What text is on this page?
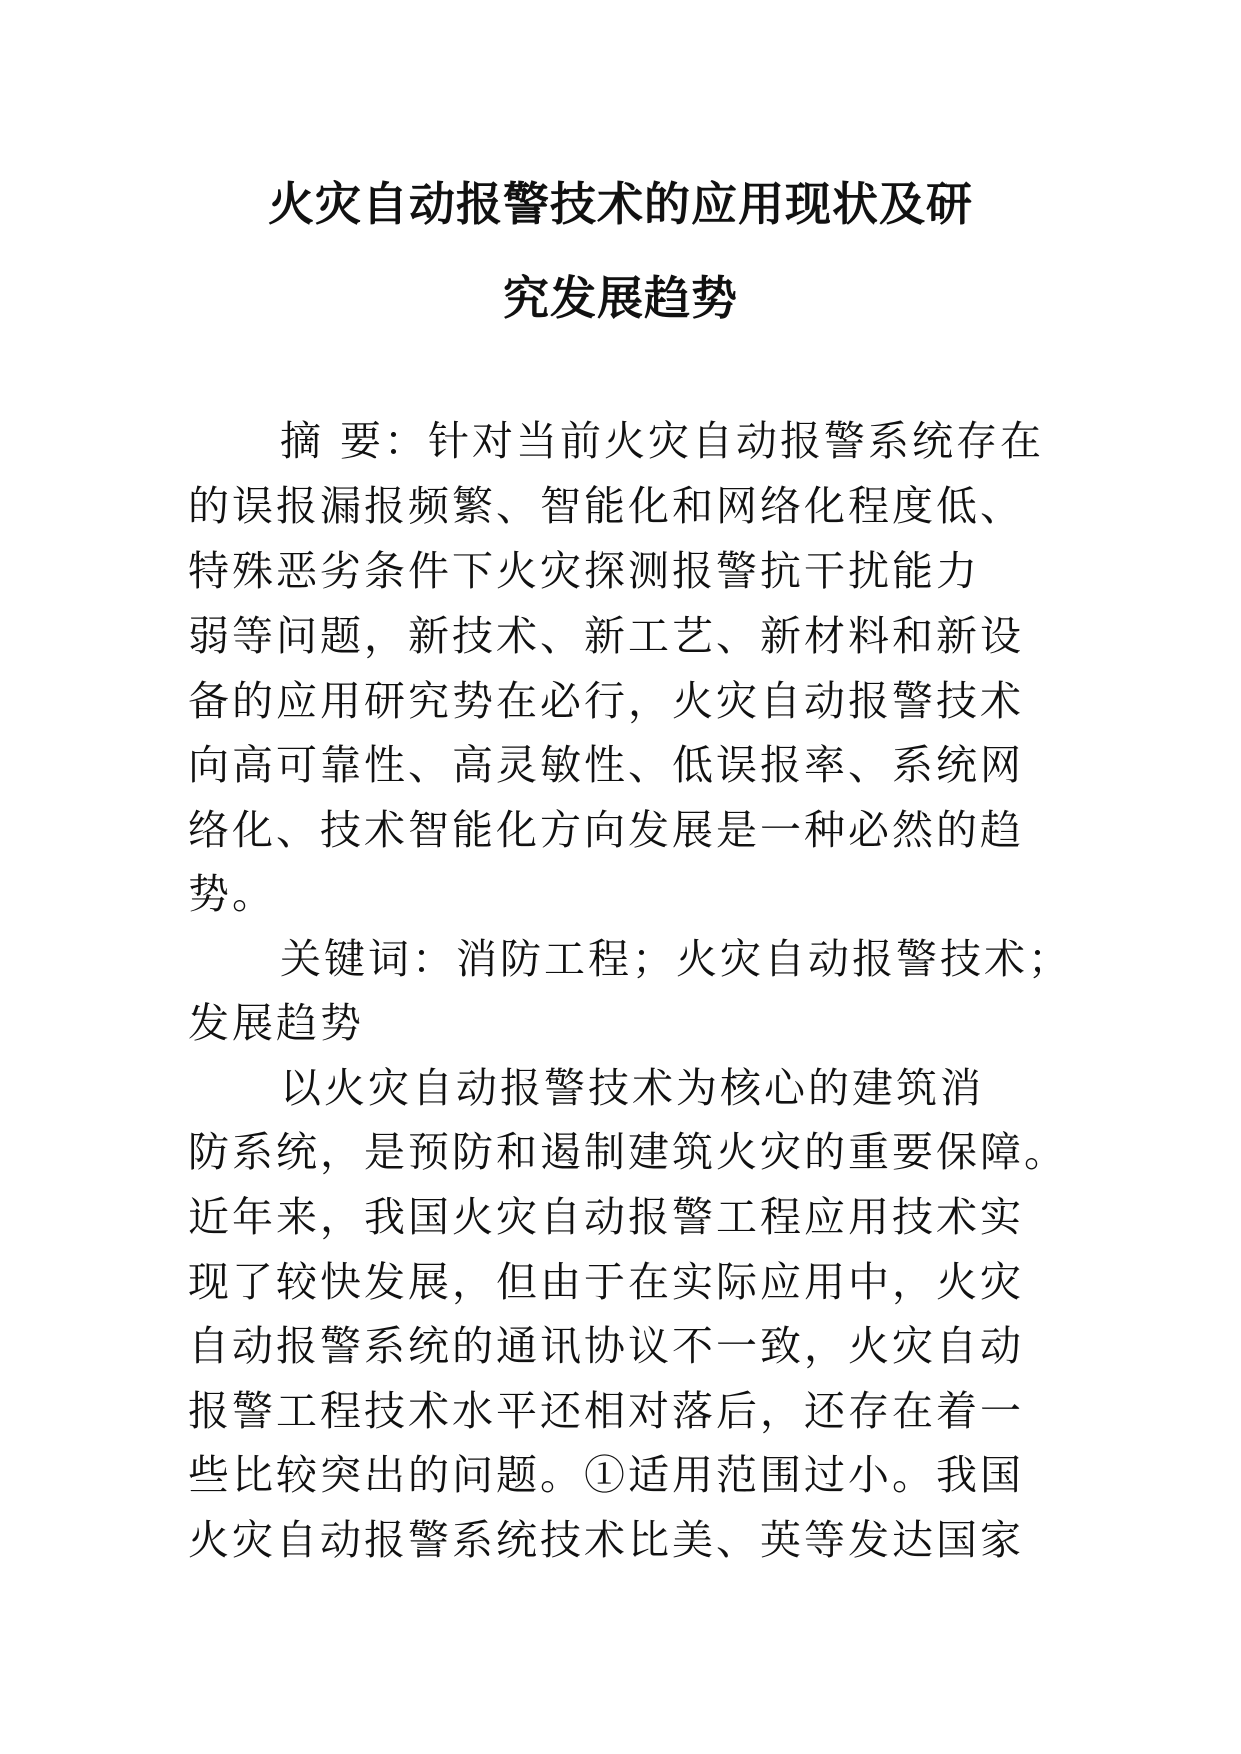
火灾自动报警技术的应用现状及研
究发展趋势
摘 要：针对当前火灾自动报警系统存在
的误报漏报频繁、智能化和网络化程度低、
特殊恶劣条件下火灾探测报警抗干扰能力
弱等问题，新技术、新工艺、新材料和新设
备的应用研究势在必行，火灾自动报警技术
向高可靠性、高灵敏性、低误报率、系统网
络化、技术智能化方向发展是一种必然的趋
势。
关键词：消防工程；火灾自动报警技术；
发展趋势
以火灾自动报警技术为核心的建筑消
防系统，是预防和遏制建筑火灾的重要保障。
近年来，我国火灾自动报警工程应用技术实
现了较快发展，但由于在实际应用中，火灾
自动报警系统的通讯协议不一致，火灾自动
报警工程技术水平还相对落后，还存在着一
些比较突出的问题。①适用范围过小。我国
火灾自动报警系统技术比美、英等发达国家
